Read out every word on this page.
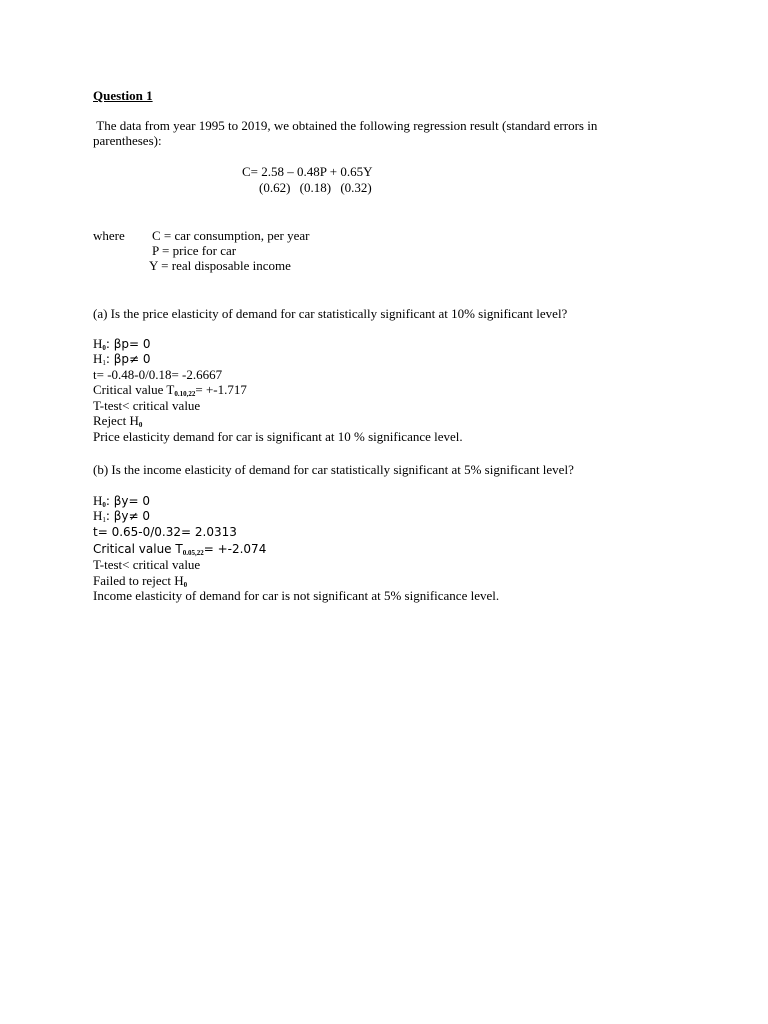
Question 1
The data from year 1995 to 2019, we obtained the following regression result (standard errors in parentheses):
C= 2.58 – 0.48P + 0.65Y
(0.62) (0.18) (0.32)
where C = car consumption, per year
P = price for car
Y = real disposable income
(a) Is the price elasticity of demand for car statistically significant at 10% significant level?
$H_0$: βp= 0
$H_1$: βp≠ 0
t= -0.48-0/0.18= -2.6667
Critical value $T_{0.10,22}= +-1.717$
T-test< critical value
Reject $H_0$
Price elasticity demand for car is significant at 10 % significance level.
(b) Is the income elasticity of demand for car statistically significant at 5% significant level?
$H_0$: βy= 0
$H_1$: βy≠ 0
t= 0.65-0/0.32= 2.0313
Critical value $T_{0.05,22}= +-2.074$
T-test< critical value
Failed to reject $H_0$
Income elasticity of demand for car is not significant at 5% significance level.
